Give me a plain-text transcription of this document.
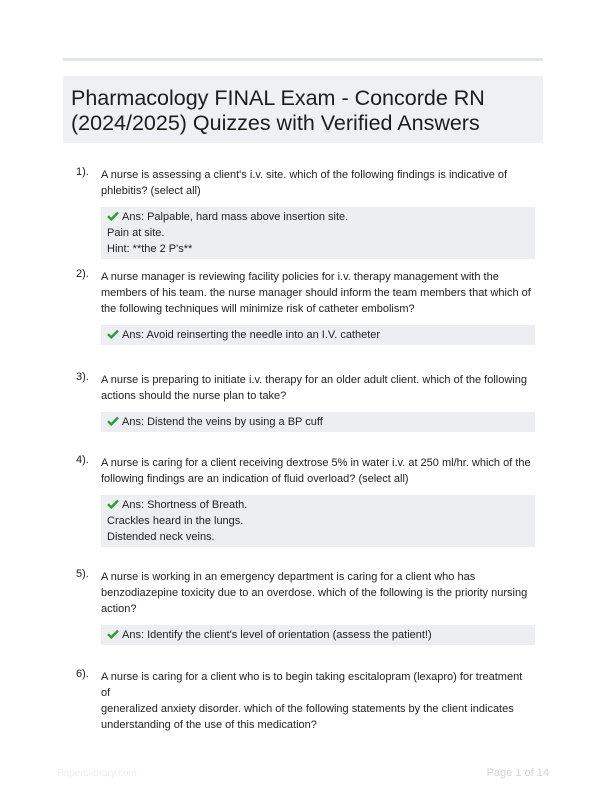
Pharmacology FINAL Exam - Concorde RN
(2024/2025) Quizzes with Verified Answers
1). A nurse is assessing a client's i.v. site. which of the following findings is indicative of
phlebitis? (select all)
Ans: Palpable, hard mass above insertion site.
Pain at site.
Hint: **the 2 P's**
2). A nurse manager is reviewing facility policies for i.v. therapy management with the
members of his team. the nurse manager should inform the team members that which of
the following techniques will minimize risk of catheter embolism?
Ans: Avoid reinserting the needle into an I.V. catheter
3). A nurse is preparing to initiate i.v. therapy for an older adult client. which of the following
actions should the nurse plan to take?
Ans: Distend the veins by using a BP cuff
4). A nurse is caring for a client receiving dextrose 5% in water i.v. at 250 ml/hr. which of the
following findings are an indication of fluid overload? (select all)
Ans: Shortness of Breath.
Crackles heard in the lungs.
Distended neck veins.
5). A nurse is working in an emergency department is caring for a client who has
benzodiazepine toxicity due to an overdose. which of the following is the priority nursing
action?
Ans: Identify the client's level of orientation (assess the patient!)
6). A nurse is caring for a client who is to begin taking escitalopram (lexapro) for treatment of
generalized anxiety disorder. which of the following statements by the client indicates
understanding of the use of this medication?
Paperslibrary.com	Page 1 of 14
